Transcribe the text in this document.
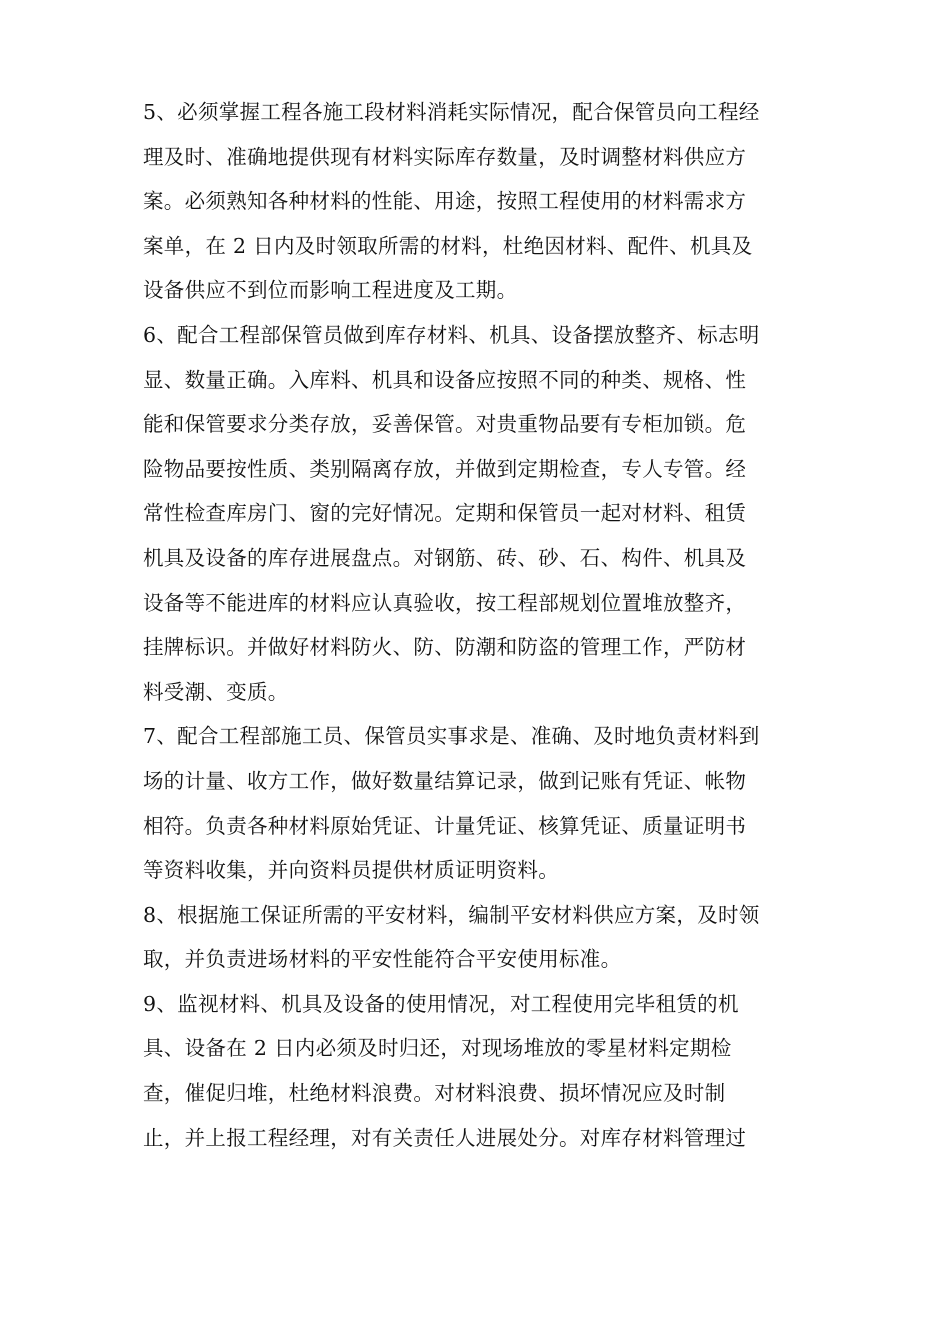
5、必须掌握工程各施工段材料消耗实际情况，配合保管员向工程经
理及时、准确地提供现有材料实际库存数量，及时调整材料供应方
案。必须熟知各种材料的性能、用途，按照工程使用的材料需求方
案单，在 2 日内及时领取所需的材料，杜绝因材料、配件、机具及
设备供应不到位而影响工程进度及工期。
6、配合工程部保管员做到库存材料、机具、设备摆放整齐、标志明
显、数量正确。入库料、机具和设备应按照不同的种类、规格、性
能和保管要求分类存放，妥善保管。对贵重物品要有专柜加锁。危
险物品要按性质、类别隔离存放，并做到定期检查，专人专管。经
常性检查库房门、窗的完好情况。定期和保管员一起对材料、租赁
机具及设备的库存进展盘点。对钢筋、砖、砂、石、构件、机具及
设备等不能进库的材料应认真验收，按工程部规划位置堆放整齐，
挂牌标识。并做好材料防火、防、防潮和防盗的管理工作，严防材
料受潮、变质。
7、配合工程部施工员、保管员实事求是、准确、及时地负责材料到
场的计量、收方工作，做好数量结算记录，做到记账有凭证、帐物
相符。负责各种材料原始凭证、计量凭证、核算凭证、质量证明书
等资料收集，并向资料员提供材质证明资料。
8、根据施工保证所需的平安材料，编制平安材料供应方案，及时领
取，并负责进场材料的平安性能符合平安使用标准。
9、监视材料、机具及设备的使用情况，对工程使用完毕租赁的机
具、设备在 2 日内必须及时归还，对现场堆放的零星材料定期检
查，催促归堆，杜绝材料浪费。对材料浪费、损坏情况应及时制
止，并上报工程经理，对有关责任人进展处分。对库存材料管理过
